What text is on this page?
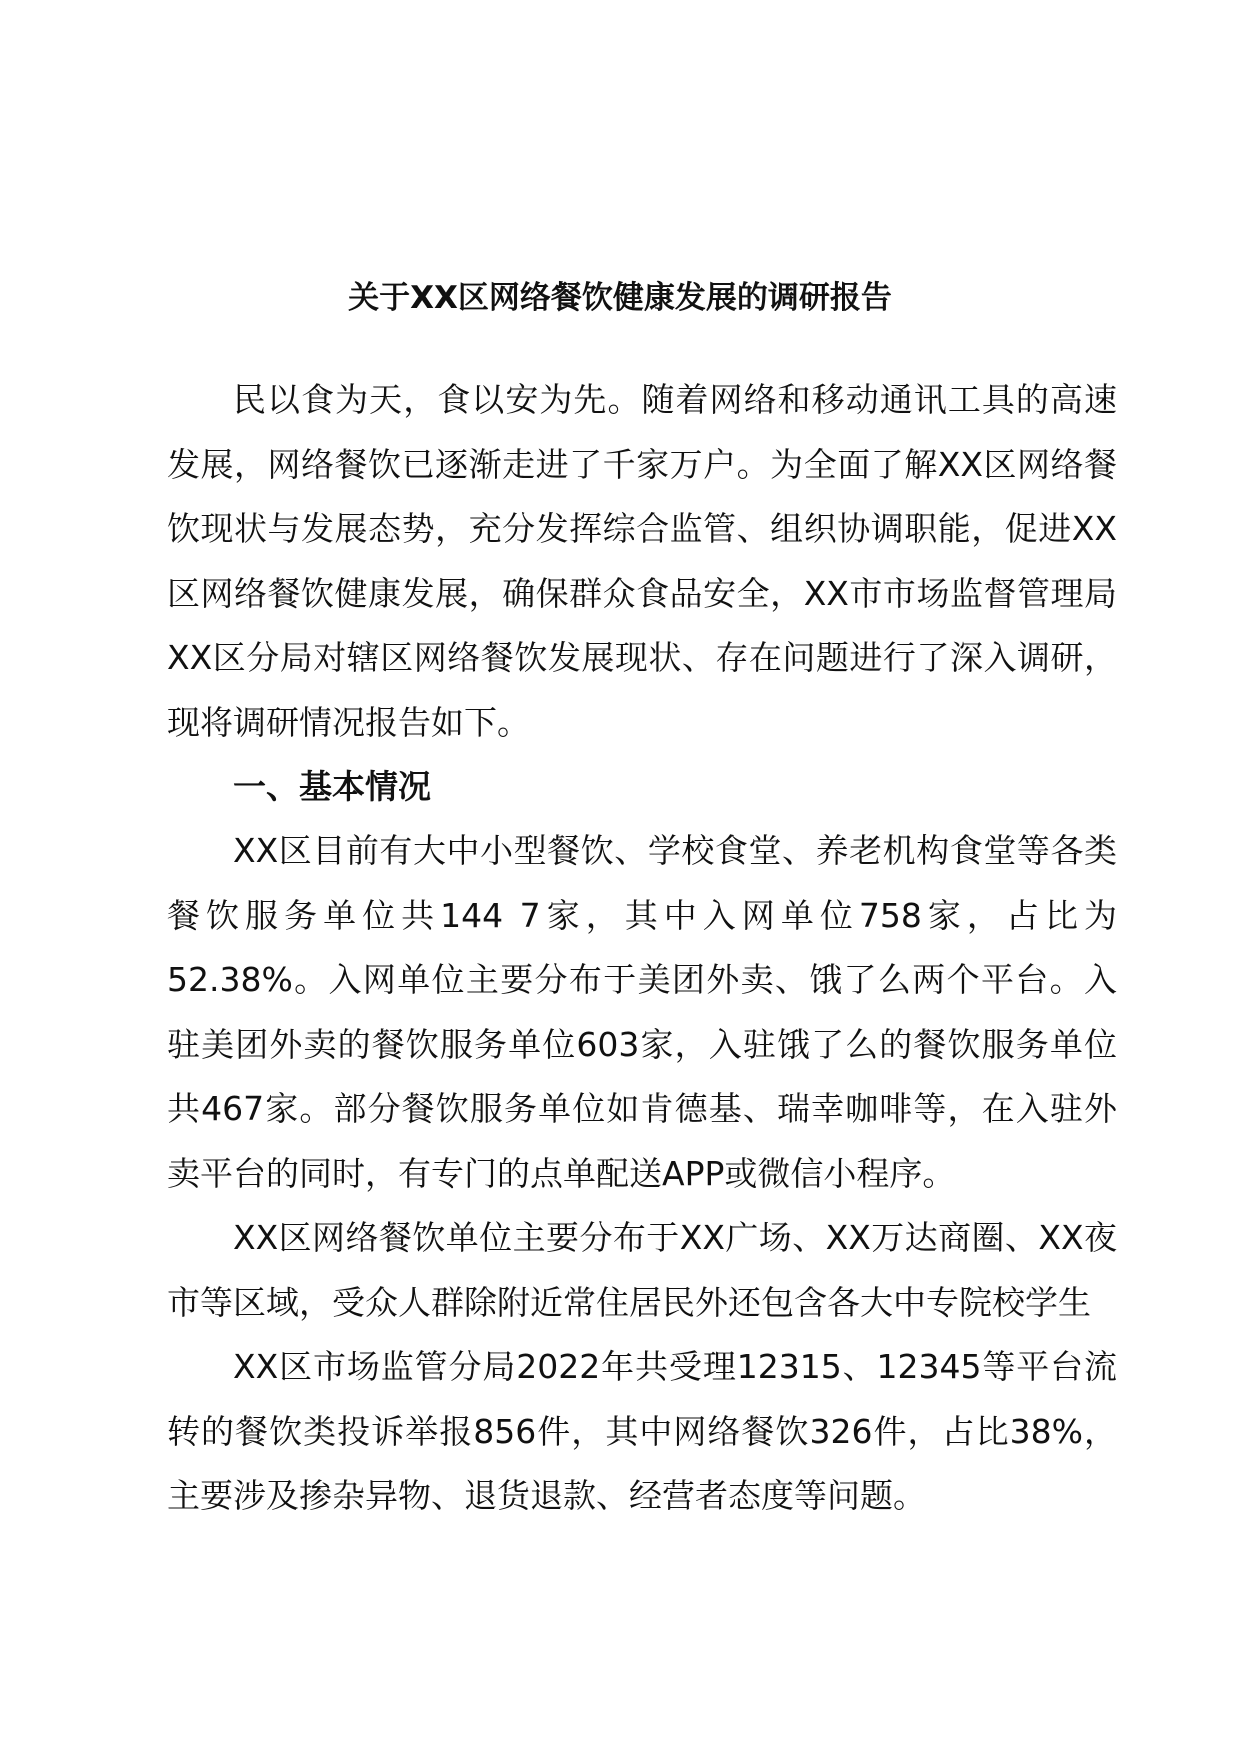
关于XX区网络餐饮健康发展的调研报告

民以食为天，食以安为先。随着网络和移动通讯工具的高速发展，网络餐饮已逐渐走进了千家万户。为全面了解XX区网络餐饮现状与发展态势，充分发挥综合监管、组织协调职能，促进XX区网络餐饮健康发展，确保群众食品安全，XX市市场监督管理局XX区分局对辖区网络餐饮发展现状、存在问题进行了深入调研，现将调研情况报告如下。

一、基本情况

XX区目前有大中小型餐饮、学校食堂、养老机构食堂等各类餐饮服务单位共144 7家，其中入网单位758家，占比为52.38%。入网单位主要分布于美团外卖、饿了么两个平台。入驻美团外卖的餐饮服务单位603家，入驻饿了么的餐饮服务单位共467家。部分餐饮服务单位如肯德基、瑞幸咖啡等，在入驻外卖平台的同时，有专门的点单配送APP或微信小程序。

XX区网络餐饮单位主要分布于XX广场、XX万达商圈、XX夜市等区域，受众人群除附近常住居民外还包含各大中专院校学生

XX区市场监管分局2022年共受理12315、12345等平台流转的餐饮类投诉举报856件，其中网络餐饮326件，占比38%，主要涉及掺杂异物、退货退款、经营者态度等问题。
